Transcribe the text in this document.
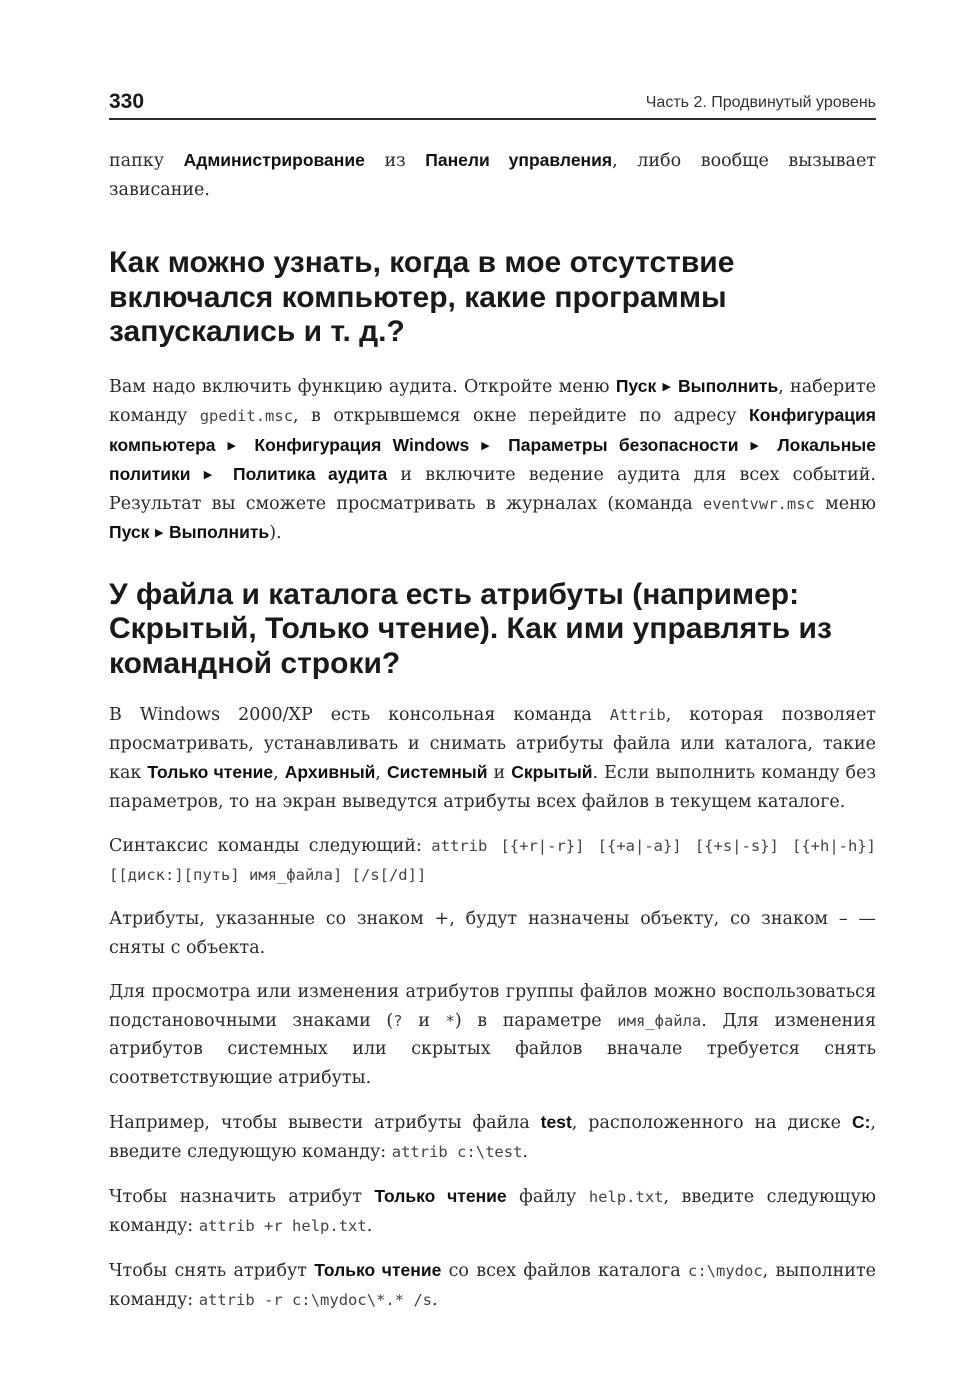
330	Часть 2. Продвинутый уровень

папку Администрирование из Панели управления, либо вообще вызывает зависание.

Как можно узнать, когда в мое отсутствие включался компьютер, какие программы запускались и т. д.?

Вам надо включить функцию аудита. Откройте меню Пуск ▶ Выполнить, наберите команду gpedit.msc, в открывшемся окне перейдите по адресу Конфигурация компьютера ▶ Конфигурация Windows ▶ Параметры безопасности ▶ Локальные политики ▶ Политика аудита и включите ведение аудита для всех событий. Результат вы сможете просматривать в журналах (команда eventvwr.msc меню Пуск ▶ Выполнить).

У файла и каталога есть атрибуты (например: Скрытый, Только чтение). Как ими управлять из командной строки?

В Windows 2000/XP есть консольная команда Attrib, которая позволяет просматривать, устанавливать и снимать атрибуты файла или каталога, такие как Только чтение, Архивный, Системный и Скрытый. Если выполнить команду без параметров, то на экран выведутся атрибуты всех файлов в текущем каталоге.

Синтаксис команды следующий: attrib [{+r|-r}] [{+a|-a}] [{+s|-s}] [{+h|-h}] [[диск:][путь] имя_файла] [/s[/d]]

Атрибуты, указанные со знаком +, будут назначены объекту, со знаком – — сняты с объекта.

Для просмотра или изменения атрибутов группы файлов можно воспользоваться подстановочными знаками (? и *) в параметре имя_файла. Для изменения атрибутов системных или скрытых файлов вначале требуется снять соответствующие атрибуты.

Например, чтобы вывести атрибуты файла test, расположенного на диске C:, введите следующую команду: attrib c:\test.

Чтобы назначить атрибут Только чтение файлу help.txt, введите следующую команду: attrib +r help.txt.

Чтобы снять атрибут Только чтение со всех файлов каталога c:\mydoc, выполните команду: attrib -r c:\mydoc\*.* /s.
